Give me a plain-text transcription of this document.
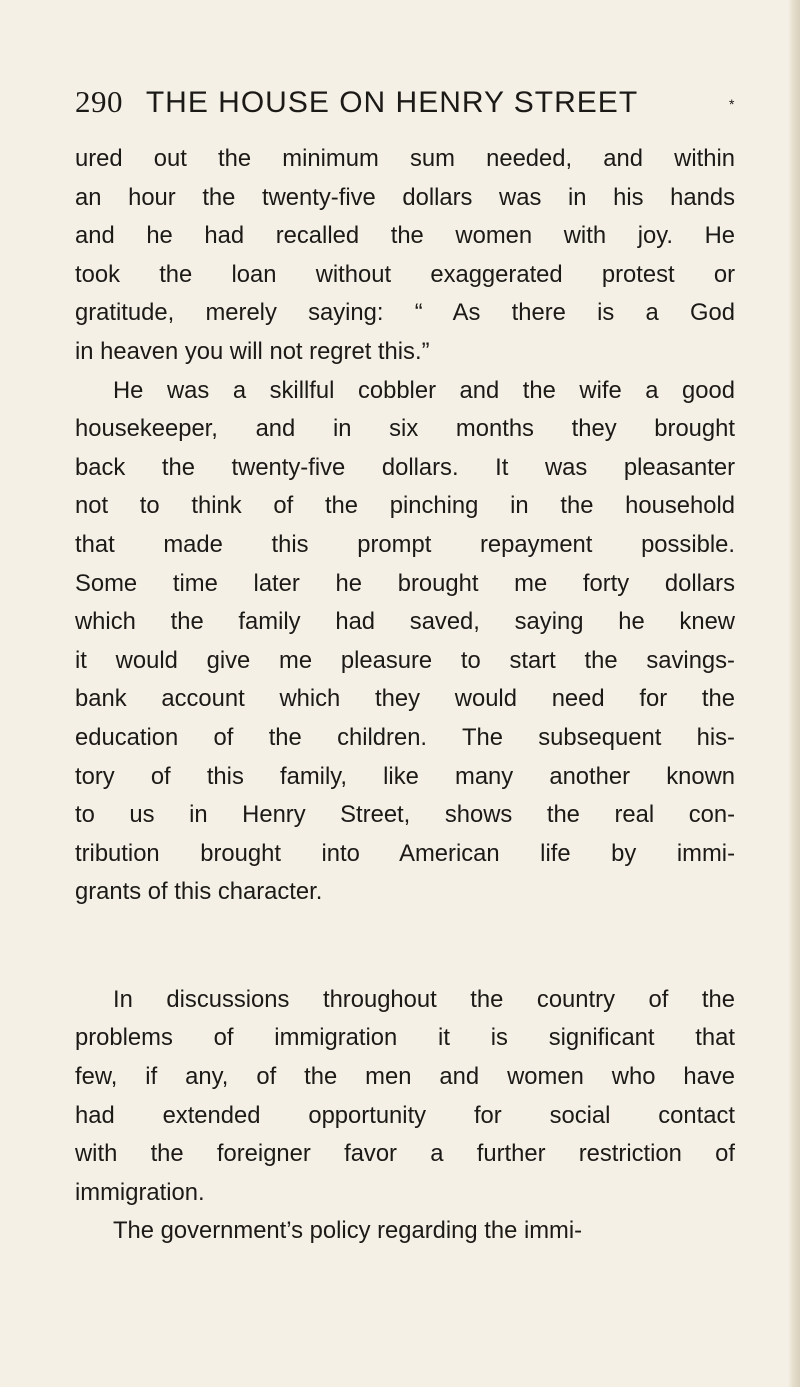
290 THE HOUSE ON HENRY STREET	*
ured out the minimum sum needed, and within
an hour the twenty-five dollars was in his hands
and he had recalled the women with joy. He
took the loan without exaggerated protest or
gratitude, merely saying: “ As there is a God
in heaven you will not regret this.”
He was a skillful cobbler and the wife a good
housekeeper, and in six months they brought
back the twenty-five dollars. It was pleasanter
not to think of the pinching in the household
that made this prompt repayment possible.
Some time later he brought me forty dollars
which the family had saved, saying he knew
it would give me pleasure to start the savings-
bank account which they would need for the
education of the children. The subsequent his-
tory of this family, like many another known
to us in Henry Street, shows the real con-
tribution brought into American life by immi-
grants of this character.
In discussions throughout the country of the
problems of immigration it is significant that
few, if any, of the men and women who have
had extended opportunity for social contact
with the foreigner favor a further restriction of
immigration.
The government’s policy regarding the immi-
